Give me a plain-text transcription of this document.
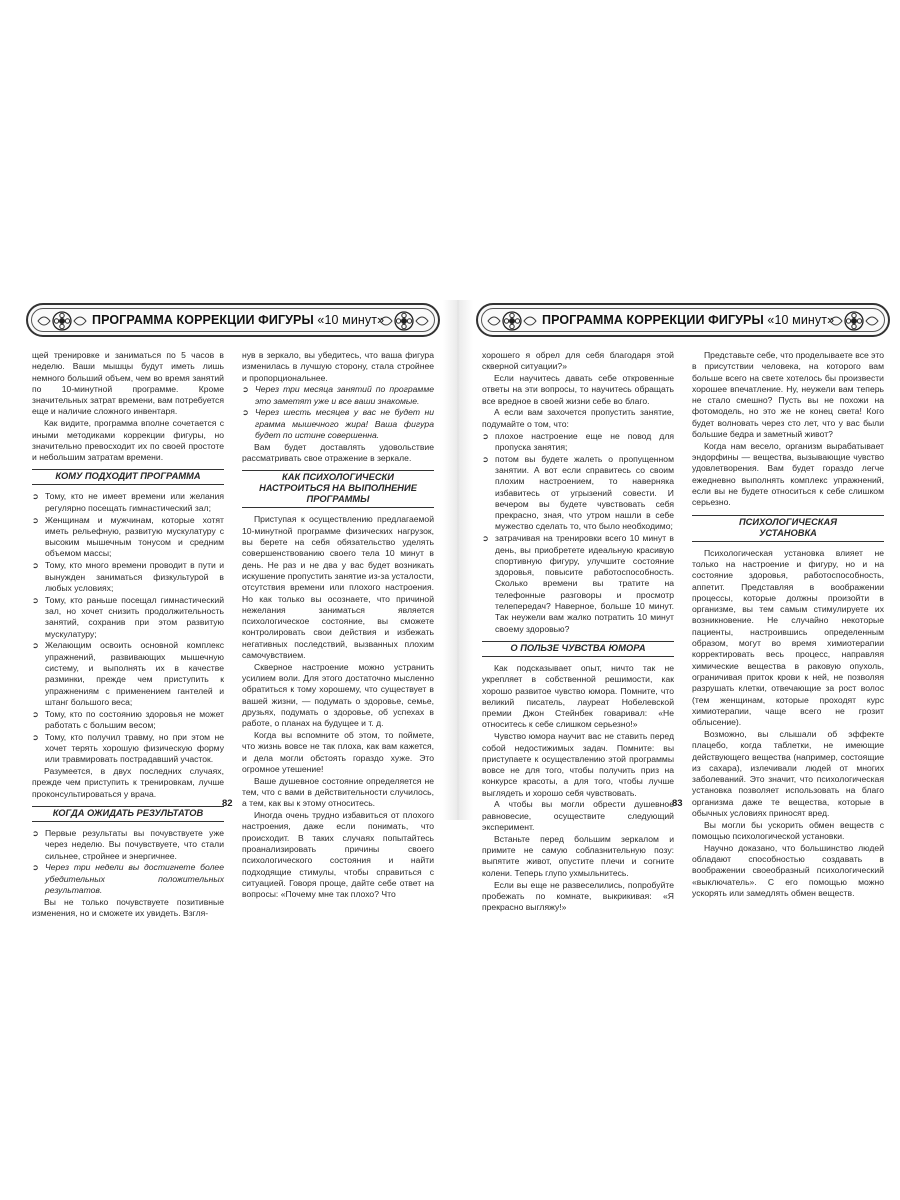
ПРОГРАММА КОРРЕКЦИИ ФИГУРЫ «10 минут»

щей тренировке и заниматься по 5 часов в неделю. Ваши мышцы будут иметь лишь немного больший объем, чем во время занятий по 10-минутной программе. Кроме значительных затрат времени, вам потребуется еще и наличие сложного инвентаря.

Как видите, программа вполне сочетается с иными методиками коррекции фигуры, но значительно превосходит их по своей простоте и небольшим затратам времени.

КОМУ ПОДХОДИТ ПРОГРАММА
➲ Тому, кто не имеет времени или желания регулярно посещать гимнастический зал;
➲ Женщинам и мужчинам, которые хотят иметь рельефную, развитую мускулатуру с высоким мышечным тонусом и средним объемом массы;
➲ Тому, кто много времени проводит в пути и вынужден заниматься физкультурой в любых условиях;
➲ Тому, кто раньше посещал гимнастический зал, но хочет снизить продолжительность занятий, сохранив при этом развитую мускулатуру;
➲ Желающим освоить основной комплекс упражнений, развивающих мышечную систему, и выполнять их в качестве разминки, прежде чем приступить к упражнениям с применением гантелей и штанг большого веса;
➲ Тому, кто по состоянию здоровья не может работать с большим весом;
➲ Тому, кто получил травму, но при этом не хочет терять хорошую физическую форму или травмировать пострадавший участок.

Разумеется, в двух последних случаях, прежде чем приступить к тренировкам, лучше проконсультироваться у врача.

КОГДА ОЖИДАТЬ РЕЗУЛЬТАТОВ
➲ Первые результаты вы почувствуете уже через неделю. Вы почувствуете, что стали сильнее, стройнее и энергичнее.
➲ Через три недели вы достигнете более убедительных положительных результатов.

Вы не только почувствуете позитивные изменения, но и сможете их увидеть. Взгля-

нув в зеркало, вы убедитесь, что ваша фигура изменилась в лучшую сторону, стала стройнее и пропорциональнее.

➲ Через три месяца занятий по программе это заметят уже и все ваши знакомые.
➲ Через шесть месяцев у вас не будет ни грамма мышечного жира! Ваша фигура будет по истине совершенна.

Вам будет доставлять удовольствие рассматривать свое отражение в зеркале.

КАК ПСИХОЛОГИЧЕСКИ
НАСТРОИТЬСЯ НА ВЫПОЛНЕНИЕ ПРОГРАММЫ

Приступая к осуществлению предлагаемой 10-минутной программе физических нагрузок, вы берете на себя обязательство уделять совершенствованию своего тела 10 минут в день. Не раз и не два у вас будет возникать искушение пропустить занятие из-за усталости, отсутствия времени или плохого настроения. Но как только вы осознаете, что причиной нежелания заниматься является психологическое состояние, вы сможете контролировать свои действия и избежать негативных последствий, вызванных плохим самочувствием.

Скверное настроение можно устранить усилием воли. Для этого достаточно мысленно обратиться к тому хорошему, что существует в вашей жизни, — подумать о здоровье, семье, друзьях, подумать о здоровье, об успехах в работе, о планах на будущее и т. д.

Когда вы вспомните об этом, то поймете, что жизнь вовсе не так плоха, как вам кажется, и дела могли обстоять гораздо хуже. Это огромное утешение!

Ваше душевное состояние определяется не тем, что с вами в действительности случилось, а тем, как вы к этому относитесь.

Иногда очень трудно избавиться от плохого настроения, даже если понимать, что происходит. В таких случаях попытайтесь проанализировать причины своего психологического состояния и найти подходящие стимулы, чтобы справиться с ситуацией. Говоря проще, дайте себе ответ на вопросы: «Почему мне так плохо? Что

82
ПРОГРАММА КОРРЕКЦИИ ФИГУРЫ «10 минут»

хорошего я обрел для себя благодаря этой скверной ситуации?»

Если научитесь давать себе откровенные ответы на эти вопросы, то научитесь обращать все вредное в своей жизни себе во благо.

А если вам захочется пропустить занятие, подумайте о том, что:

➲ плохое настроение еще не повод для пропуска занятия;
➲ потом вы будете жалеть о пропущенном занятии. А вот если справитесь со своим плохим настроением, то наверняка избавитесь от угрызений совести. И вечером вы будете чувствовать себя прекрасно, зная, что утром нашли в себе мужество сделать то, что было необходимо;
➲ затрачивая на тренировки всего 10 минут в день, вы приобретете идеальную красивую спортивную фигуру, улучшите состояние здоровья, повысите работоспособность. Сколько времени вы тратите на телефонные разговоры и просмотр телепередач? Наверное, больше 10 минут. Так неужели вам жалко потратить 10 минут своему здоровью?
О ПОЛЬЗЕ ЧУВСТВА ЮМОРА

Как подсказывает опыт, ничто так не укрепляет в собственной решимости, как хорошо развитое чувство юмора. Помните, что великий писатель, лауреат Нобелевской премии Джон Стейнбек говаривал: «Не относитесь к себе слишком серьезно!»

Чувство юмора научит вас не ставить перед собой недостижимых задач. Помните: вы приступаете к осуществлению этой программы вовсе не для того, чтобы получить приз на конкурсе красоты, а для того, чтобы лучше выглядеть и хорошо себя чувствовать.

А чтобы вы могли обрести душевное равновесие, осуществите следующий эксперимент.

Встаньте перед большим зеркалом и примите не самую соблазнительную позу: выпятите живот, опустите плечи и согните колени. Теперь глупо ухмыльнитесь.

Если вы еще не развеселились, попробуйте пробежать по комнате, выкрикивая: «Я прекрасно выгляжу!»

Представьте себе, что проделываете все это в присутствии человека, на которого вам больше всего на свете хотелось бы произвести хорошее впечатление. Ну, неужели вам теперь не стало смешно? Пусть вы не похожи на фотомодель, но это же не конец света! Кого будет волновать через сто лет, что у вас были большие бедра и заметный живот?

Когда нам весело, организм вырабатывает эндорфины — вещества, вызывающие чувство удовлетворения. Вам будет гораздо легче ежедневно выполнять комплекс упражнений, если вы не будете относиться к себе слишком серьезно.

ПСИХОЛОГИЧЕСКАЯ
УСТАНОВКА

Психологическая установка влияет не только на настроение и фигуру, но и на состояние здоровья, работоспособность, аппетит. Представляя в воображении процессы, которые должны произойти в организме, вы тем самым стимулируете их возникновение. Не случайно некоторые пациенты, настроившись определенным образом, могут во время химиотерапии корректировать весь процесс, направляя химические вещества в раковую опухоль, ограничивая приток крови к ней, не позволяя разрушать клетки, отвечающие за рост волос (тем женщинам, которые проходят курс химиотерапии, чаще всего не грозит облысение).

Возможно, вы слышали об эффекте плацебо, когда таблетки, не имеющие действующего вещества (например, состоящие из сахара), излечивали людей от многих заболеваний. Это значит, что психологическая установка позволяет использовать на благо организма даже те вещества, которые в обычных условиях приносят вред.

Вы могли бы ускорить обмен веществ с помощью психологической установки.

Научно доказано, что большинство людей обладают способностью создавать в воображении своеобразный психологический «выключатель». С его помощью можно ускорять или замедлять обмен веществ.

83
